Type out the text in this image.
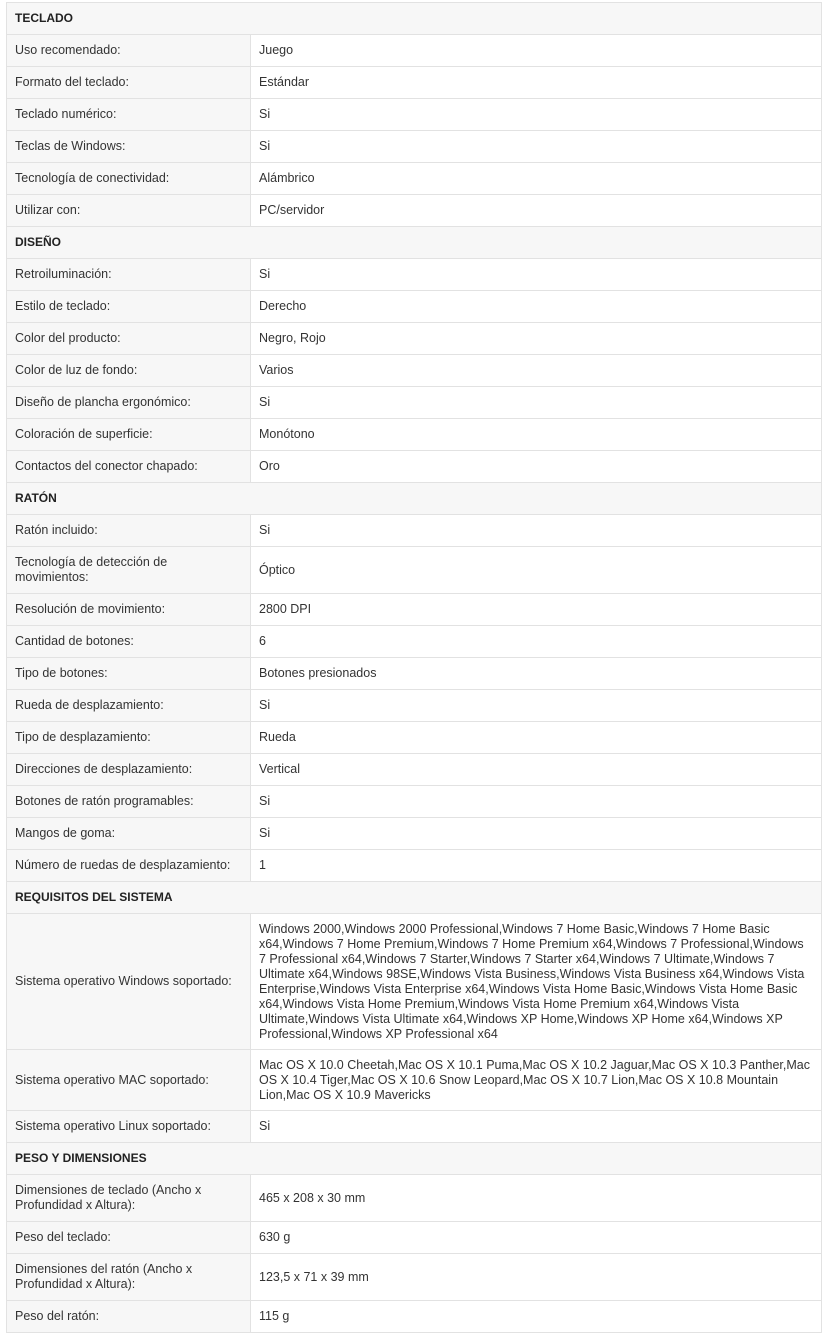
TECLADO	
Uso recomendado:	Juego
Formato del teclado:	Estándar
Teclado numérico:	Si
Teclas de Windows:	Si
Tecnología de conectividad:	Alámbrico
Utilizar con:	PC/servidor
DISEÑO	
Retroiluminación:	Si
Estilo de teclado:	Derecho
Color del producto:	Negro, Rojo
Color de luz de fondo:	Varios
Diseño de plancha ergonómico:	Si
Coloración de superficie:	Monótono
Contactos del conector chapado:	Oro
RATÓN	
Ratón incluido:	Si
Tecnología de detección de movimientos:	Óptico
Resolución de movimiento:	2800 DPI
Cantidad de botones:	6
Tipo de botones:	Botones presionados
Rueda de desplazamiento:	Si
Tipo de desplazamiento:	Rueda
Direcciones de desplazamiento:	Vertical
Botones de ratón programables:	Si
Mangos de goma:	Si
Número de ruedas de desplazamiento:	1
REQUISITOS DEL SISTEMA	
Sistema operativo Windows soportado:	Windows 2000,Windows 2000 Professional,Windows 7 Home Basic,Windows 7 Home Basic x64,Windows 7 Home Premium,Windows 7 Home Premium x64,Windows 7 Professional,Windows 7 Professional x64,Windows 7 Starter,Windows 7 Starter x64,Windows 7 Ultimate,Windows 7 Ultimate x64,Windows 98SE,Windows Vista Business,Windows Vista Business x64,Windows Vista Enterprise,Windows Vista Enterprise x64,Windows Vista Home Basic,Windows Vista Home Basic x64,Windows Vista Home Premium,Windows Vista Home Premium x64,Windows Vista Ultimate,Windows Vista Ultimate x64,Windows XP Home,Windows XP Home x64,Windows XP Professional,Windows XP Professional x64
Sistema operativo MAC soportado:	Mac OS X 10.0 Cheetah,Mac OS X 10.1 Puma,Mac OS X 10.2 Jaguar,Mac OS X 10.3 Panther,Mac OS X 10.4 Tiger,Mac OS X 10.6 Snow Leopard,Mac OS X 10.7 Lion,Mac OS X 10.8 Mountain Lion,Mac OS X 10.9 Mavericks
Sistema operativo Linux soportado:	Si
PESO Y DIMENSIONES	
Dimensiones de teclado (Ancho x Profundidad x Altura):	465 x 208 x 30 mm
Peso del teclado:	630 g
Dimensiones del ratón (Ancho x Profundidad x Altura):	123,5 x 71 x 39 mm
Peso del ratón:	115 g
